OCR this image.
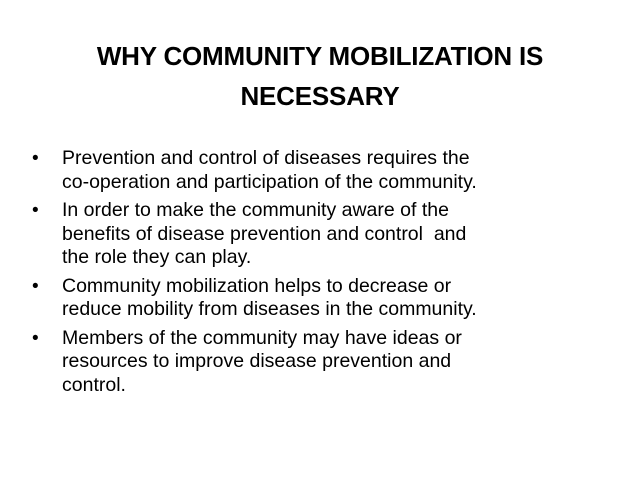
WHY COMMUNITY MOBILIZATION IS
NECESSARY
•	Prevention and control of diseases requires the
co-operation and participation of the community.
•	In order to make the community aware of the
benefits of disease prevention and control  and
the role they can play.
•	Community mobilization helps to decrease or
reduce mobility from diseases in the community.
•	Members of the community may have ideas or
resources to improve disease prevention and
control.
